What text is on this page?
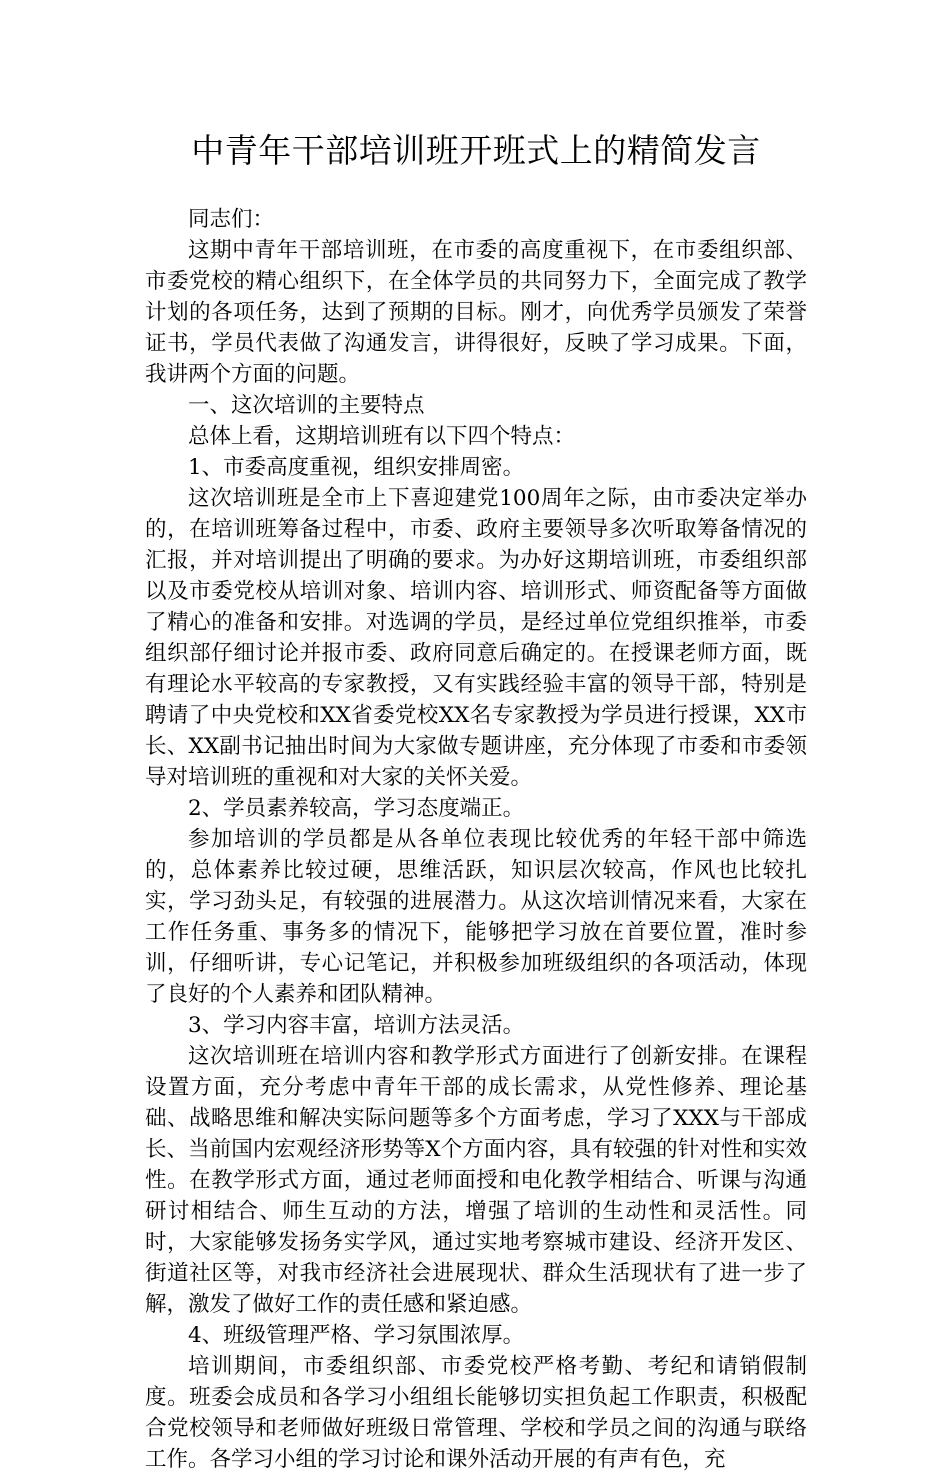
中青年干部培训班开班式上的精简发言

同志们：

这期中青年干部培训班，在市委的高度重视下，在市委组织部、市委党校的精心组织下，在全体学员的共同努力下，全面完成了教学计划的各项任务，达到了预期的目标。刚才，向优秀学员颁发了荣誉证书，学员代表做了沟通发言，讲得很好，反映了学习成果。下面，我讲两个方面的问题。

一、这次培训的主要特点

总体上看，这期培训班有以下四个特点：

1、市委高度重视，组织安排周密。

这次培训班是全市上下喜迎建党100周年之际，由市委决定举办的，在培训班筹备过程中，市委、政府主要领导多次听取筹备情况的汇报，并对培训提出了明确的要求。为办好这期培训班，市委组织部以及市委党校从培训对象、培训内容、培训形式、师资配备等方面做了精心的准备和安排。对选调的学员，是经过单位党组织推举，市委组织部仔细讨论并报市委、政府同意后确定的。在授课老师方面，既有理论水平较高的专家教授，又有实践经验丰富的领导干部，特别是聘请了中央党校和XX省委党校XX名专家教授为学员进行授课，XX市长、XX副书记抽出时间为大家做专题讲座，充分体现了市委和市委领导对培训班的重视和对大家的关怀关爱。

2、学员素养较高，学习态度端正。

参加培训的学员都是从各单位表现比较优秀的年轻干部中筛选的，总体素养比较过硬，思维活跃，知识层次较高，作风也比较扎实，学习劲头足，有较强的进展潜力。从这次培训情况来看，大家在工作任务重、事务多的情况下，能够把学习放在首要位置，准时参训，仔细听讲，专心记笔记，并积极参加班级组织的各项活动，体现了良好的个人素养和团队精神。

3、学习内容丰富，培训方法灵活。

这次培训班在培训内容和教学形式方面进行了创新安排。在课程设置方面，充分考虑中青年干部的成长需求，从党性修养、理论基础、战略思维和解决实际问题等多个方面考虑，学习了XXX与干部成长、当前国内宏观经济形势等X个方面内容，具有较强的针对性和实效性。在教学形式方面，通过老师面授和电化教学相结合、听课与沟通研讨相结合、师生互动的方法，增强了培训的生动性和灵活性。同时，大家能够发扬务实学风，通过实地考察城市建设、经济开发区、街道社区等，对我市经济社会进展现状、群众生活现状有了进一步了解，激发了做好工作的责任感和紧迫感。

4、班级管理严格、学习氛围浓厚。

培训期间，市委组织部、市委党校严格考勤、考纪和请销假制度。班委会成员和各学习小组组长能够切实担负起工作职责，积极配合党校领导和老师做好班级日常管理、学校和学员之间的沟通与联络工作。各学习小组的学习讨论和课外活动开展的有声有色，充
